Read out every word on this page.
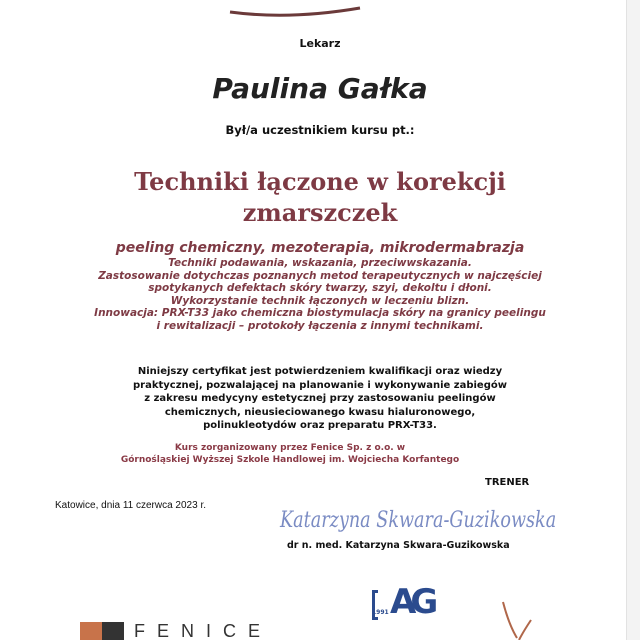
Lekarz
Paulina Gałka
Był/a uczestnikiem kursu pt.:
Techniki łączone w korekcji
zmarszczek
peeling chemiczny, mezoterapia, mikrodermabrazja
Techniki podawania, wskazania, przeciwwskazania.
Zastosowanie dotychczas poznanych metod terapeutycznych w najczęściej
spotykanych defektach skóry twarzy, szyi, dekoltu i dłoni.
Wykorzystanie technik łączonych w leczeniu blizn.
Innowacja: PRX-T33 jako chemiczna biostymulacja skóry na granicy peelingu
i rewitalizacji – protokoły łączenia z innymi technikami.
Niniejszy certyfikat jest potwierdzeniem kwalifikacji oraz wiedzy
praktycznej, pozwalającej na planowanie i wykonywanie zabiegów
z zakresu medycyny estetycznej przy zastosowaniu peelingów
chemicznych, nieusieciowanego kwasu hialuronowego,
polinukleotydów oraz preparatu PRX-T33.
Kurs zorganizowany przez Fenice Sp. z o.o. w
Górnośląskiej Wyższej Szkole Handlowej im. Wojciecha Korfantego
TRENER
Katowice, dnia 11 czerwca 2023 r.
Katarzyna Skwara-Guzikowska
dr n. med. Katarzyna Skwara-Guzikowska
AG
1991
FENICE
